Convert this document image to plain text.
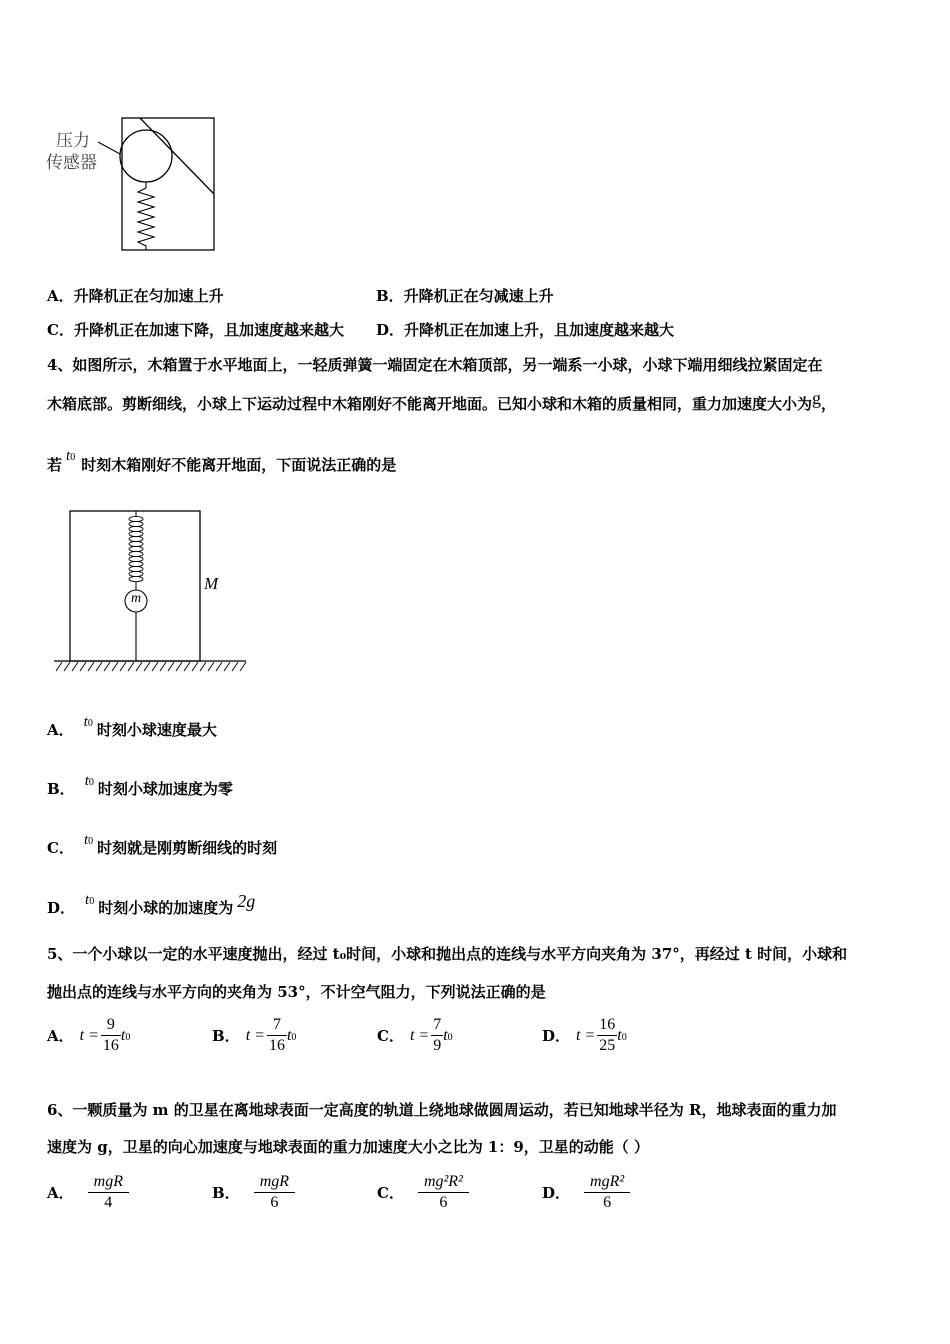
压力
传感器
A．升降机正在匀加速上升	B．升降机正在匀减速上升
C．升降机正在加速下降，且加速度越来越大 D．升降机正在加速上升，且加速度越来越大
4、如图所示，木箱置于水平地面上，一轻质弹簧一端固定在木箱顶部，另一端系一小球，小球下端用细线拉紧固定在
木箱底部。剪断细线，小球上下运动过程中木箱刚好不能离开地面。已知小球和木箱的质量相同，重力加速度大小为g，
若 t0 时刻木箱刚好不能离开地面，下面说法正确的是
m
M
A． t0 时刻小球速度最大
B． t0 时刻小球加速度为零
C． t0 时刻就是刚剪断细线的时刻
D． t0 时刻小球的加速度为 2g
5、一个小球以一定的水平速度抛出，经过 t₀时间，小球和抛出点的连线与水平方向夹角为 37°，再经过 t 时间，小球和
抛出点的连线与水平方向的夹角为 53°，不计空气阻力，下列说法正确的是
A． $t = \frac{9}{16} t0$	B． $t = \frac{7}{16} t0$	C． $t = \frac{7}{9} t0$	D． $t = \frac{16}{25} t0$
6、一颗质量为 m 的卫星在离地球表面一定高度的轨道上绕地球做圆周运动，若已知地球半径为 R，地球表面的重力加
速度为 g，卫星的向心加速度与地球表面的重力加速度大小之比为 1：9，卫星的动能（ ）
A． $\frac{\text{mgR}}{4}$	B． $\frac{\text{mgR}}{6}$	C． $\frac{\text{mg²R²}}{6}$	D． $\frac{\text{mgR²}}{6}$
